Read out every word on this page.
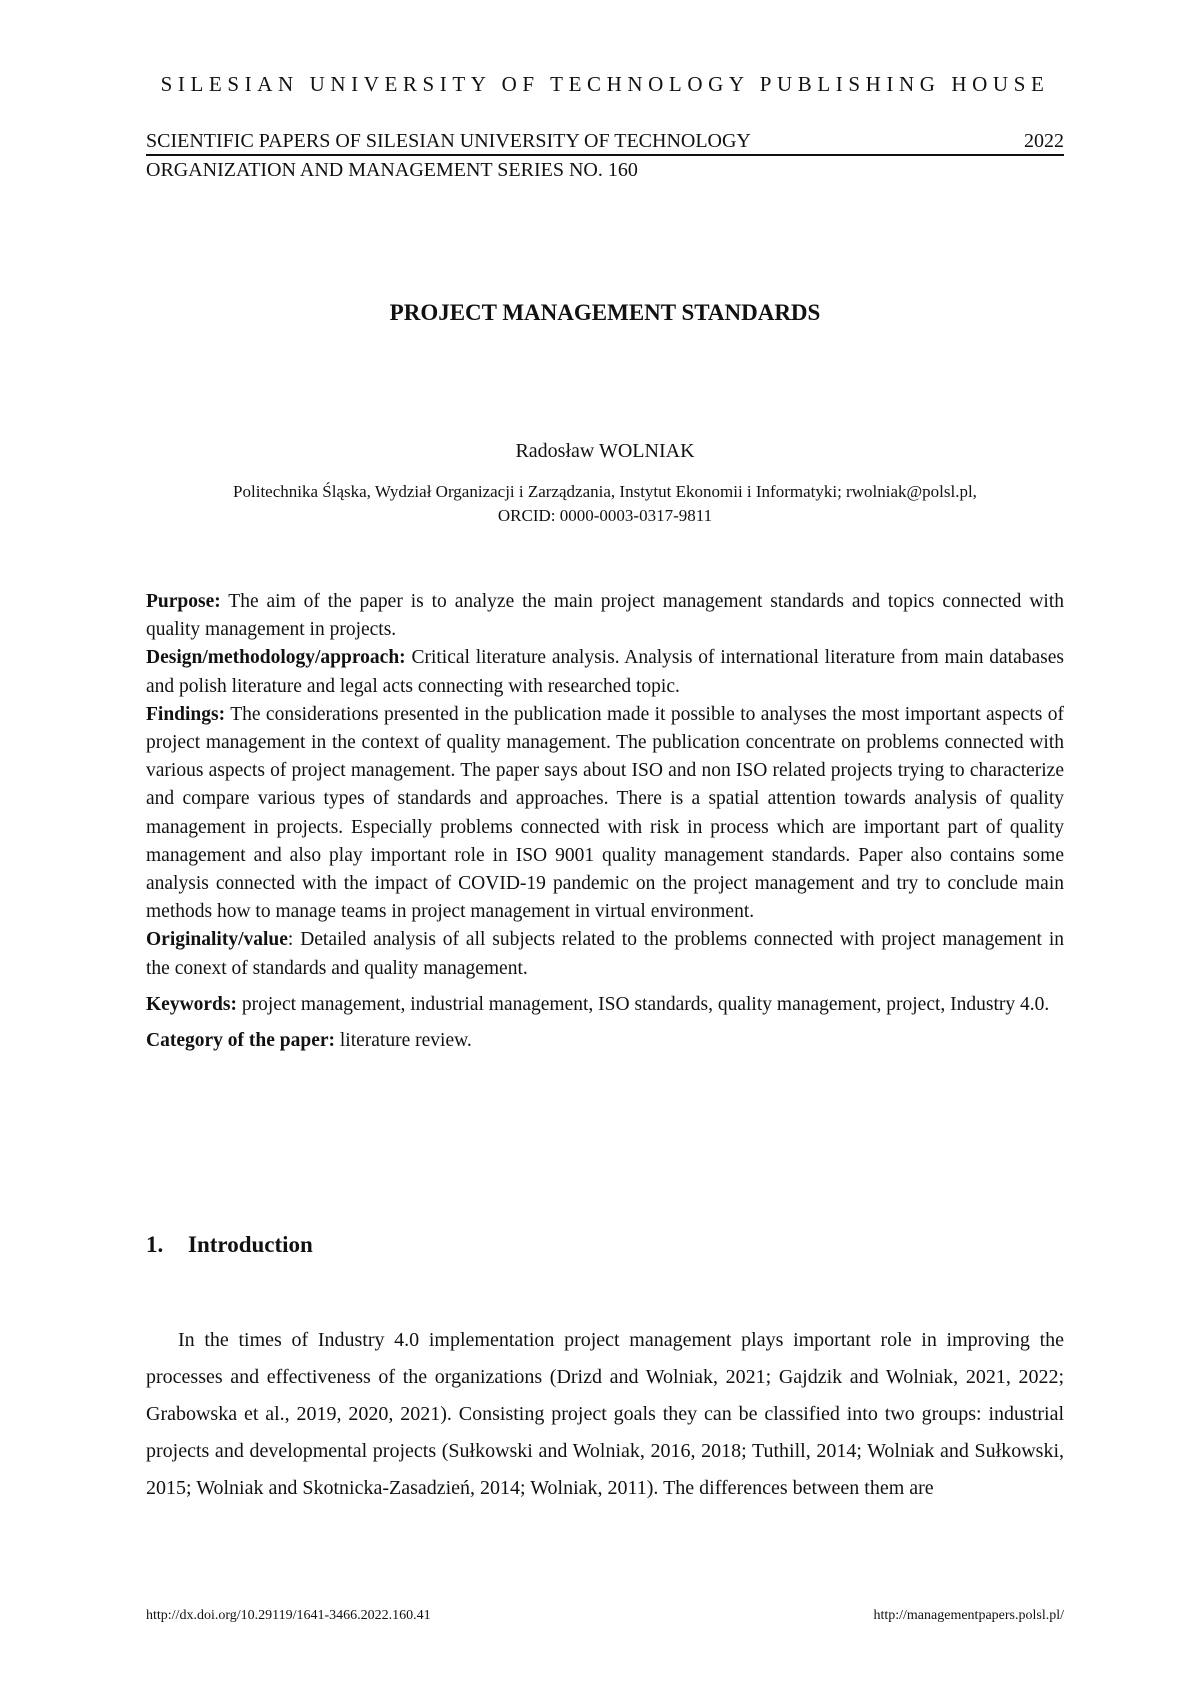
SILESIAN UNIVERSITY OF TECHNOLOGY PUBLISHING HOUSE
SCIENTIFIC PAPERS OF SILESIAN UNIVERSITY OF TECHNOLOGY	2022
ORGANIZATION AND MANAGEMENT SERIES NO. 160
PROJECT MANAGEMENT STANDARDS
Radosław WOLNIAK
Politechnika Śląska, Wydział Organizacji i Zarządzania, Instytut Ekonomii i Informatyki; rwolniak@polsl.pl,
ORCID: 0000-0003-0317-9811

Purpose: The aim of the paper is to analyze the main project management standards and topics connected with quality management in projects.

Design/methodology/approach: Critical literature analysis. Analysis of international literature from main databases and polish literature and legal acts connecting with researched topic.

Findings: The considerations presented in the publication made it possible to analyses the most important aspects of project management in the context of quality management. The publication concentrate on problems connected with various aspects of project management. The paper says about ISO and non ISO related projects trying to characterize and compare various types of standards and approaches. There is a spatial attention towards analysis of quality management in projects. Especially problems connected with risk in process which are important part of quality management and also play important role in ISO 9001 quality management standards. Paper also contains some analysis connected with the impact of COVID-19 pandemic on the project management and try to conclude main methods how to manage teams in project management in virtual environment.

Originality/value: Detailed analysis of all subjects related to the problems connected with project management in the conext of standards and quality management.

Keywords: project management, industrial management, ISO standards, quality management, project, Industry 4.0.

Category of the paper: literature review.

1. Introduction

In the times of Industry 4.0 implementation project management plays important role in improving the processes and effectiveness of the organizations (Drizd and Wolniak, 2021; Gajdzik and Wolniak, 2021, 2022; Grabowska et al., 2019, 2020, 2021). Consisting project goals they can be classified into two groups: industrial projects and developmental projects (Sułkowski and Wolniak, 2016, 2018; Tuthill, 2014; Wolniak and Sułkowski, 2015; Wolniak and Skotnicka-Zasadzień, 2014; Wolniak, 2011). The differences between them are

http://dx.doi.org/10.29119/1641-3466.2022.160.41	http://managementpapers.polsl.pl/
